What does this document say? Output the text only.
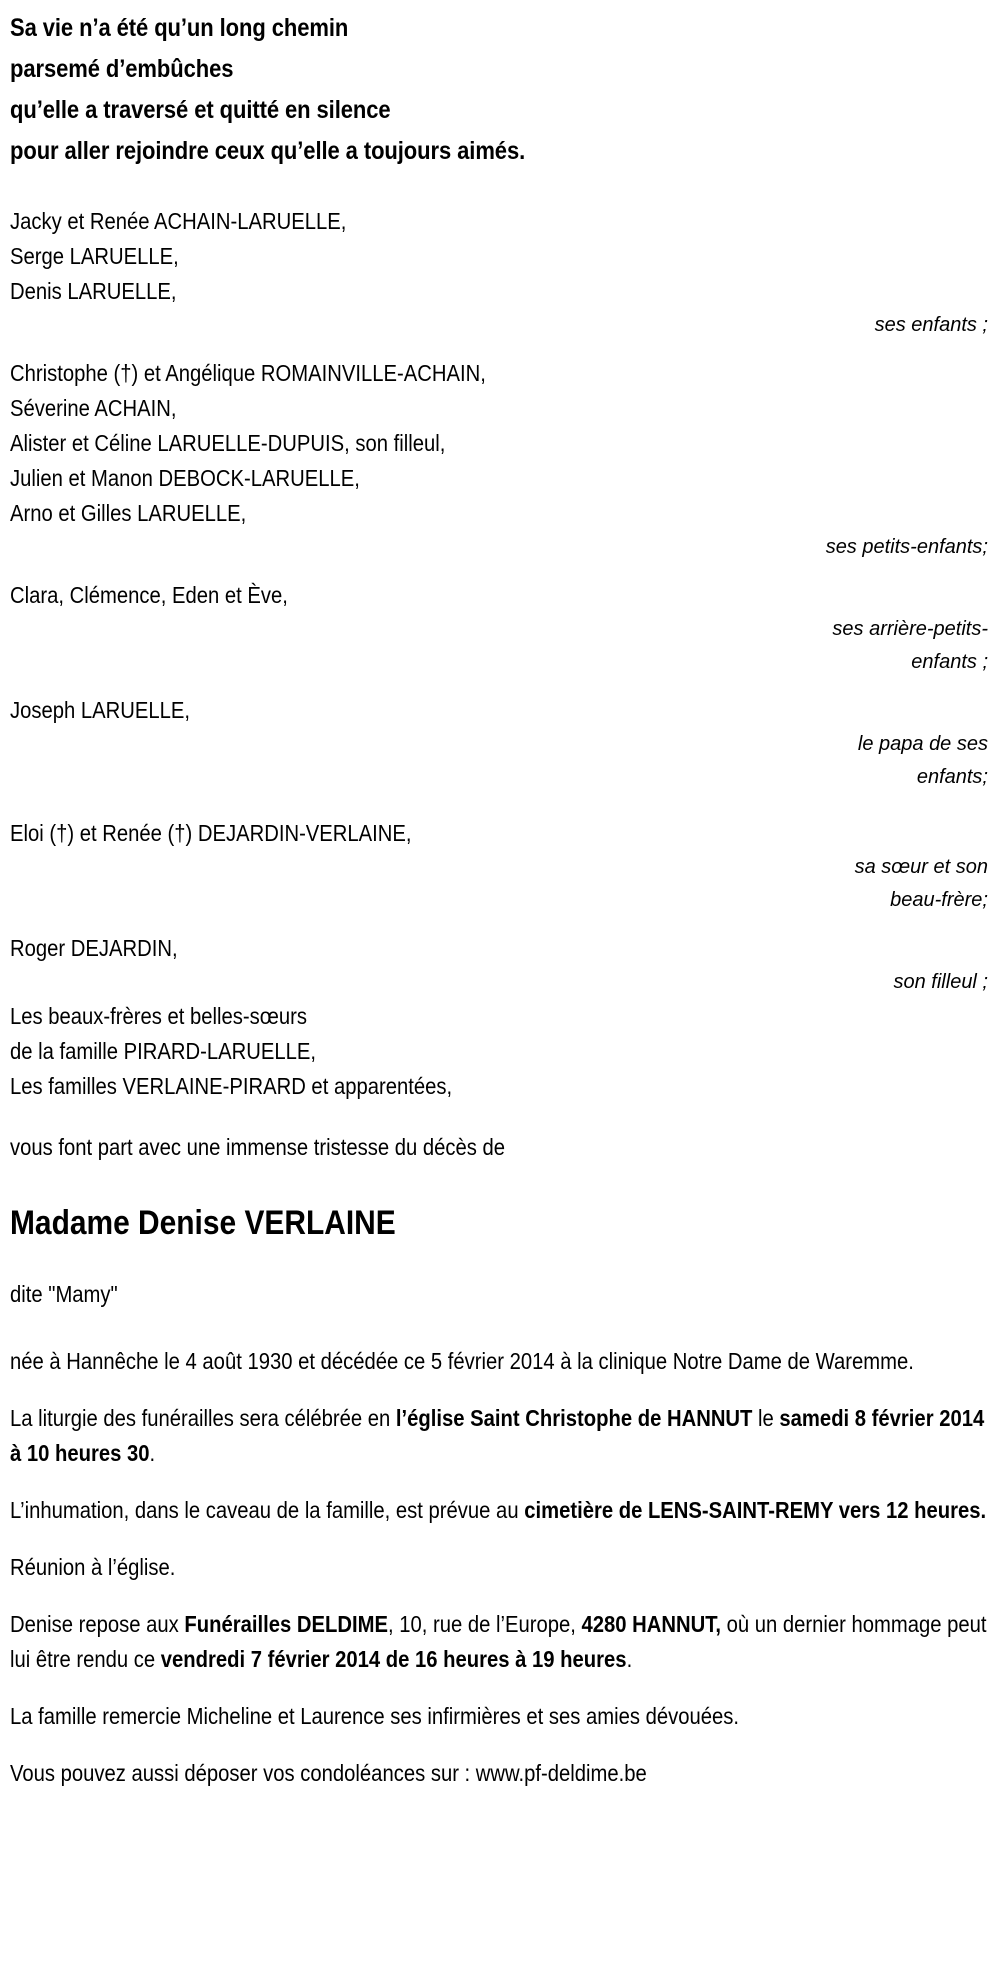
Sa vie n’a été qu’un long chemin
parsemé d’embûches
qu’elle a traversé et quitté en silence
pour aller rejoindre ceux qu’elle a toujours aimés.
Jacky et Renée ACHAIN-LARUELLE,
Serge LARUELLE,
Denis LARUELLE,
ses enfants ;
Christophe (†) et Angélique ROMAINVILLE-ACHAIN,
Séverine ACHAIN,
Alister et Céline LARUELLE-DUPUIS, son filleul,
Julien et Manon DEBOCK-LARUELLE,
Arno et Gilles LARUELLE,
ses petits-enfants;
Clara, Clémence, Eden et Ève,
ses arrière-petits-
enfants ;
Joseph LARUELLE,
le papa de ses
enfants;
Eloi (†) et Renée (†) DEJARDIN-VERLAINE,
sa sœur et son
beau-frère;
Roger DEJARDIN,
son filleul ;
Les beaux-frères et belles-sœurs
de la famille PIRARD-LARUELLE,
Les familles VERLAINE-PIRARD et apparentées,
vous font part avec une immense tristesse du décès de
Madame Denise VERLAINE
dite "Mamy"
née à Hannêche le 4 août 1930 et décédée ce 5 février 2014 à la clinique Notre Dame de Waremme.
La liturgie des funérailles sera célébrée en l’église Saint Christophe de HANNUT le samedi 8 février 2014 à 10 heures 30.
L’inhumation, dans le caveau de la famille, est prévue au cimetière de LENS-SAINT-REMY vers 12 heures.
Réunion à l’église.
Denise repose aux Funérailles DELDIME, 10, rue de l’Europe, 4280 HANNUT, où un dernier hommage peut lui être rendu ce vendredi 7 février 2014 de 16 heures à 19 heures.
La famille remercie Micheline et Laurence ses infirmières et ses amies dévouées.
Vous pouvez aussi déposer vos condoléances sur : www.pf-deldime.be
